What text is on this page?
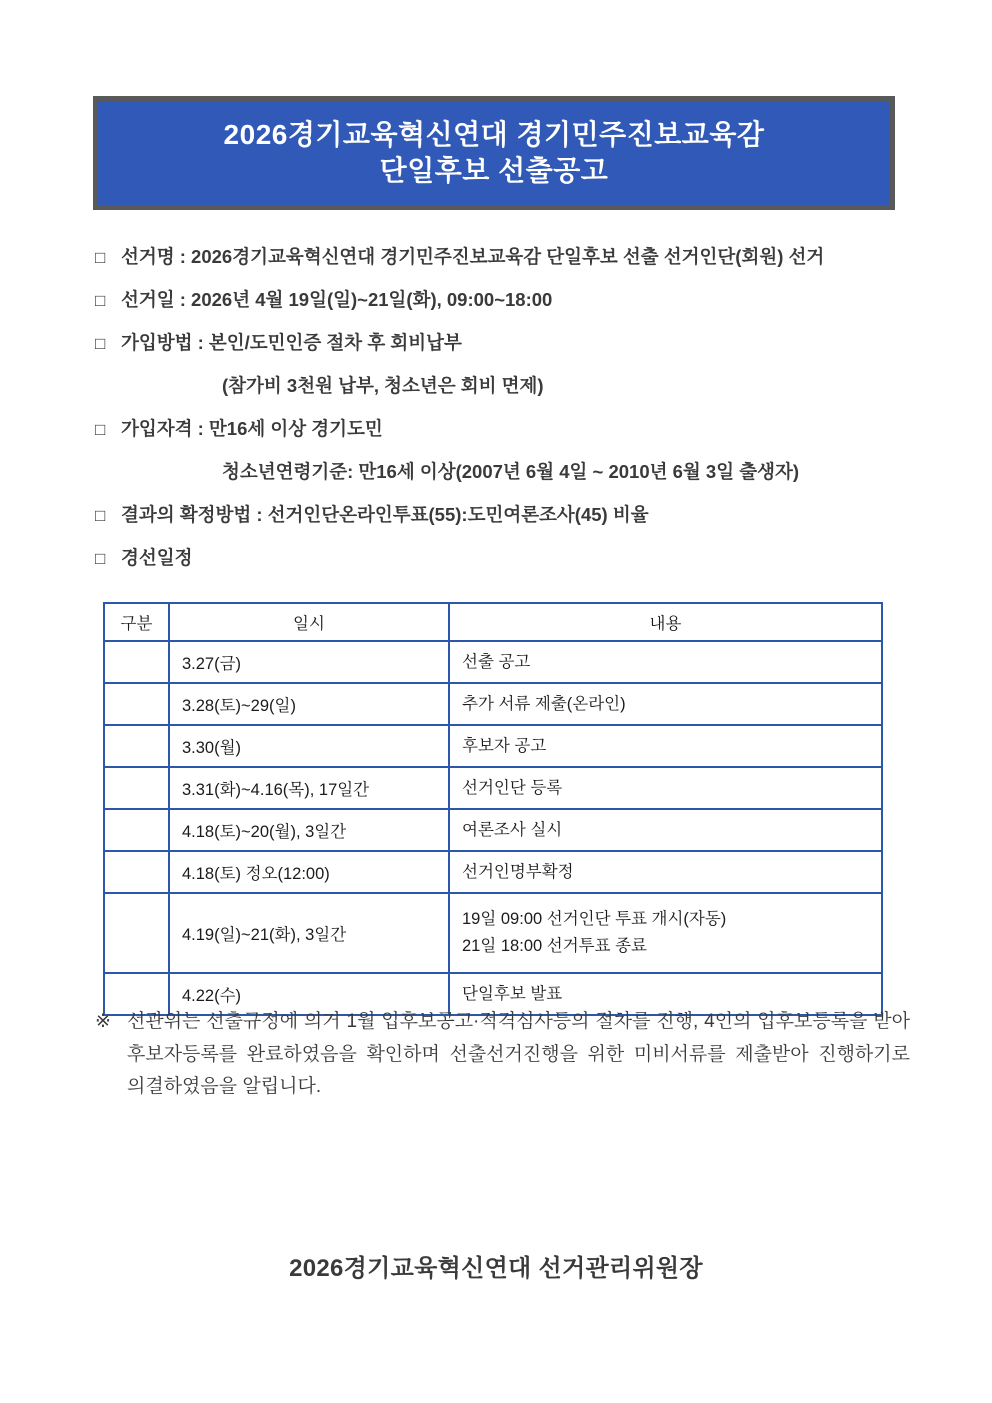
2026경기교육혁신연대 경기민주진보교육감
단일후보 선출공고
□ 선거명 : 2026경기교육혁신연대 경기민주진보교육감 단일후보 선출 선거인단(회원) 선거
□ 선거일 : 2026년 4월 19일(일)~21일(화), 09:00~18:00
□ 가입방법 : 본인/도민인증 절차 후 회비납부
(참가비 3천원 납부, 청소년은 회비 면제)
□ 가입자격 : 만16세 이상 경기도민
청소년연령기준: 만16세 이상(2007년 6월 4일 ~ 2010년 6월 3일 출생자)
□ 결과의 확정방법 : 선거인단온라인투표(55):도민여론조사(45) 비율
□ 경선일정
구분	일시	내용
	3.27(금)	선출 공고

	3.28(토)~29(일)	추가 서류 제출(온라인)

	3.30(월)	후보자 공고

	3.31(화)~4.16(목), 17일간	선거인단 등록

	4.18(토)~20(월), 3일간	여론조사 실시

	4.18(토) 정오(12:00)	선거인명부확정

	4.19(일)~21(화), 3일간	19일 09:00 선거인단 투표 개시(자동)
21일 18:00 선거투표 종료

	4.22(수)	단일후보 발표
※ 선관위는 선출규정에 의거 1월 입후보공고·적격심사등의 절차를 진행, 4인의 입후보등록을 받아 후보자등록를 완료하였음을 확인하며 선출선거진행을 위한 미비서류를 제출받아 진행하기로 의결하였음을 알립니다.
2026경기교육혁신연대 선거관리위원장
